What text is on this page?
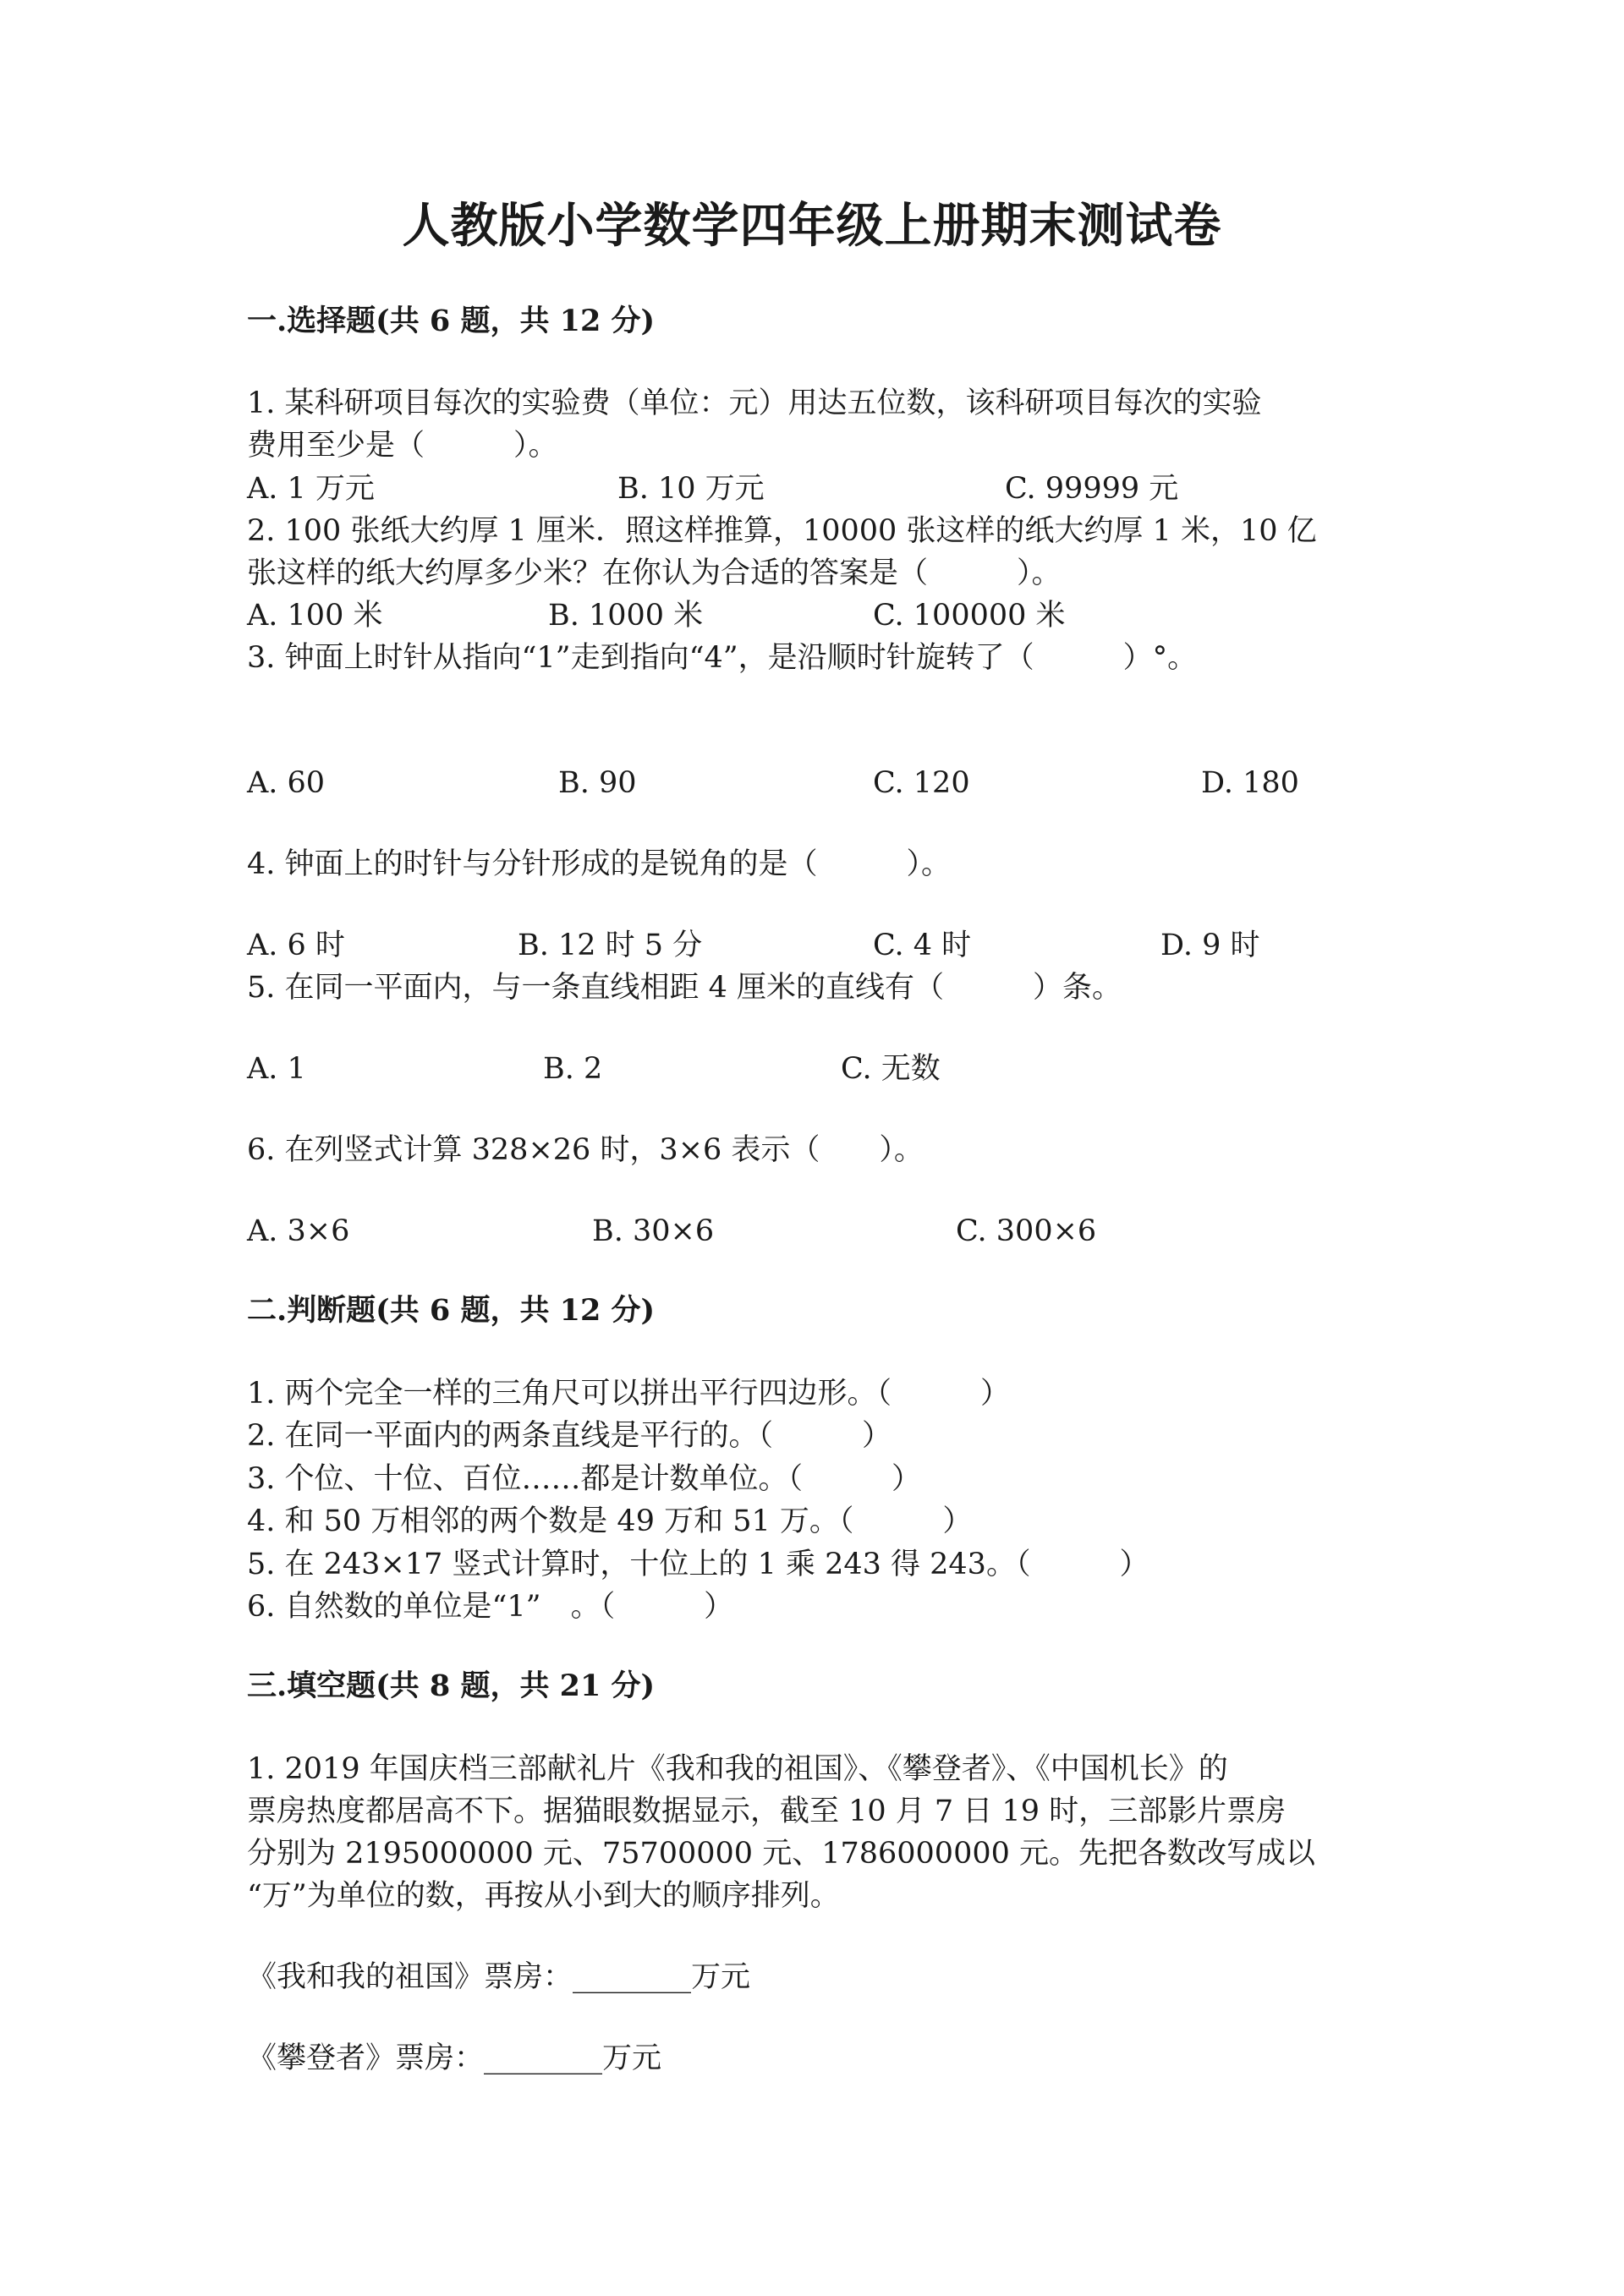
人教版小学数学四年级上册期末测试卷
一.选择题(共 6 题，共 12 分)
1. 某科研项目每次的实验费（单位：元）用达五位数，该科研项目每次的实验
费用至少是（　　　）。
A. 1 万元	B. 10 万元	C. 99999 元
2. 100 张纸大约厚 1 厘米．照这样推算，10000 张这样的纸大约厚 1 米，10 亿
张这样的纸大约厚多少米？在你认为合适的答案是（　　　）。
A. 100 米	B. 1000 米	C. 100000 米
3. 钟面上时针从指向“1”走到指向“4”，是沿顺时针旋转了（　　　）°。
A. 60	B. 90	C. 120	D. 180
4. 钟面上的时针与分针形成的是锐角的是（　　　）。
A. 6 时	B. 12 时 5 分	C. 4 时	D. 9 时
5. 在同一平面内，与一条直线相距 4 厘米的直线有（　　　）条。
A. 1	B. 2	C. 无数
6. 在列竖式计算 328×26 时，3×6 表示（　　）。
A. 3×6	B. 30×6	C. 300×6
二.判断题(共 6 题，共 12 分)
1. 两个完全一样的三角尺可以拼出平行四边形。（　　　）
2. 在同一平面内的两条直线是平行的。（　　　）
3. 个位、十位、百位……都是计数单位。（　　　）
4. 和 50 万相邻的两个数是 49 万和 51 万。（　　　）
5. 在 243×17 竖式计算时，十位上的 1 乘 243 得 243。（　　　）
6. 自然数的单位是“1”　。（　　　）
三.填空题(共 8 题，共 21 分)
1. 2019 年国庆档三部献礼片《我和我的祖国》、《攀登者》、《中国机长》的
票房热度都居高不下。据猫眼数据显示，截至 10 月 7 日 19 时，三部影片票房
分别为 2195000000 元、75700000 元、1786000000 元。先把各数改写成以
“万”为单位的数，再按从小到大的顺序排列。
《我和我的祖国》票房：________万元
《攀登者》票房：________万元
